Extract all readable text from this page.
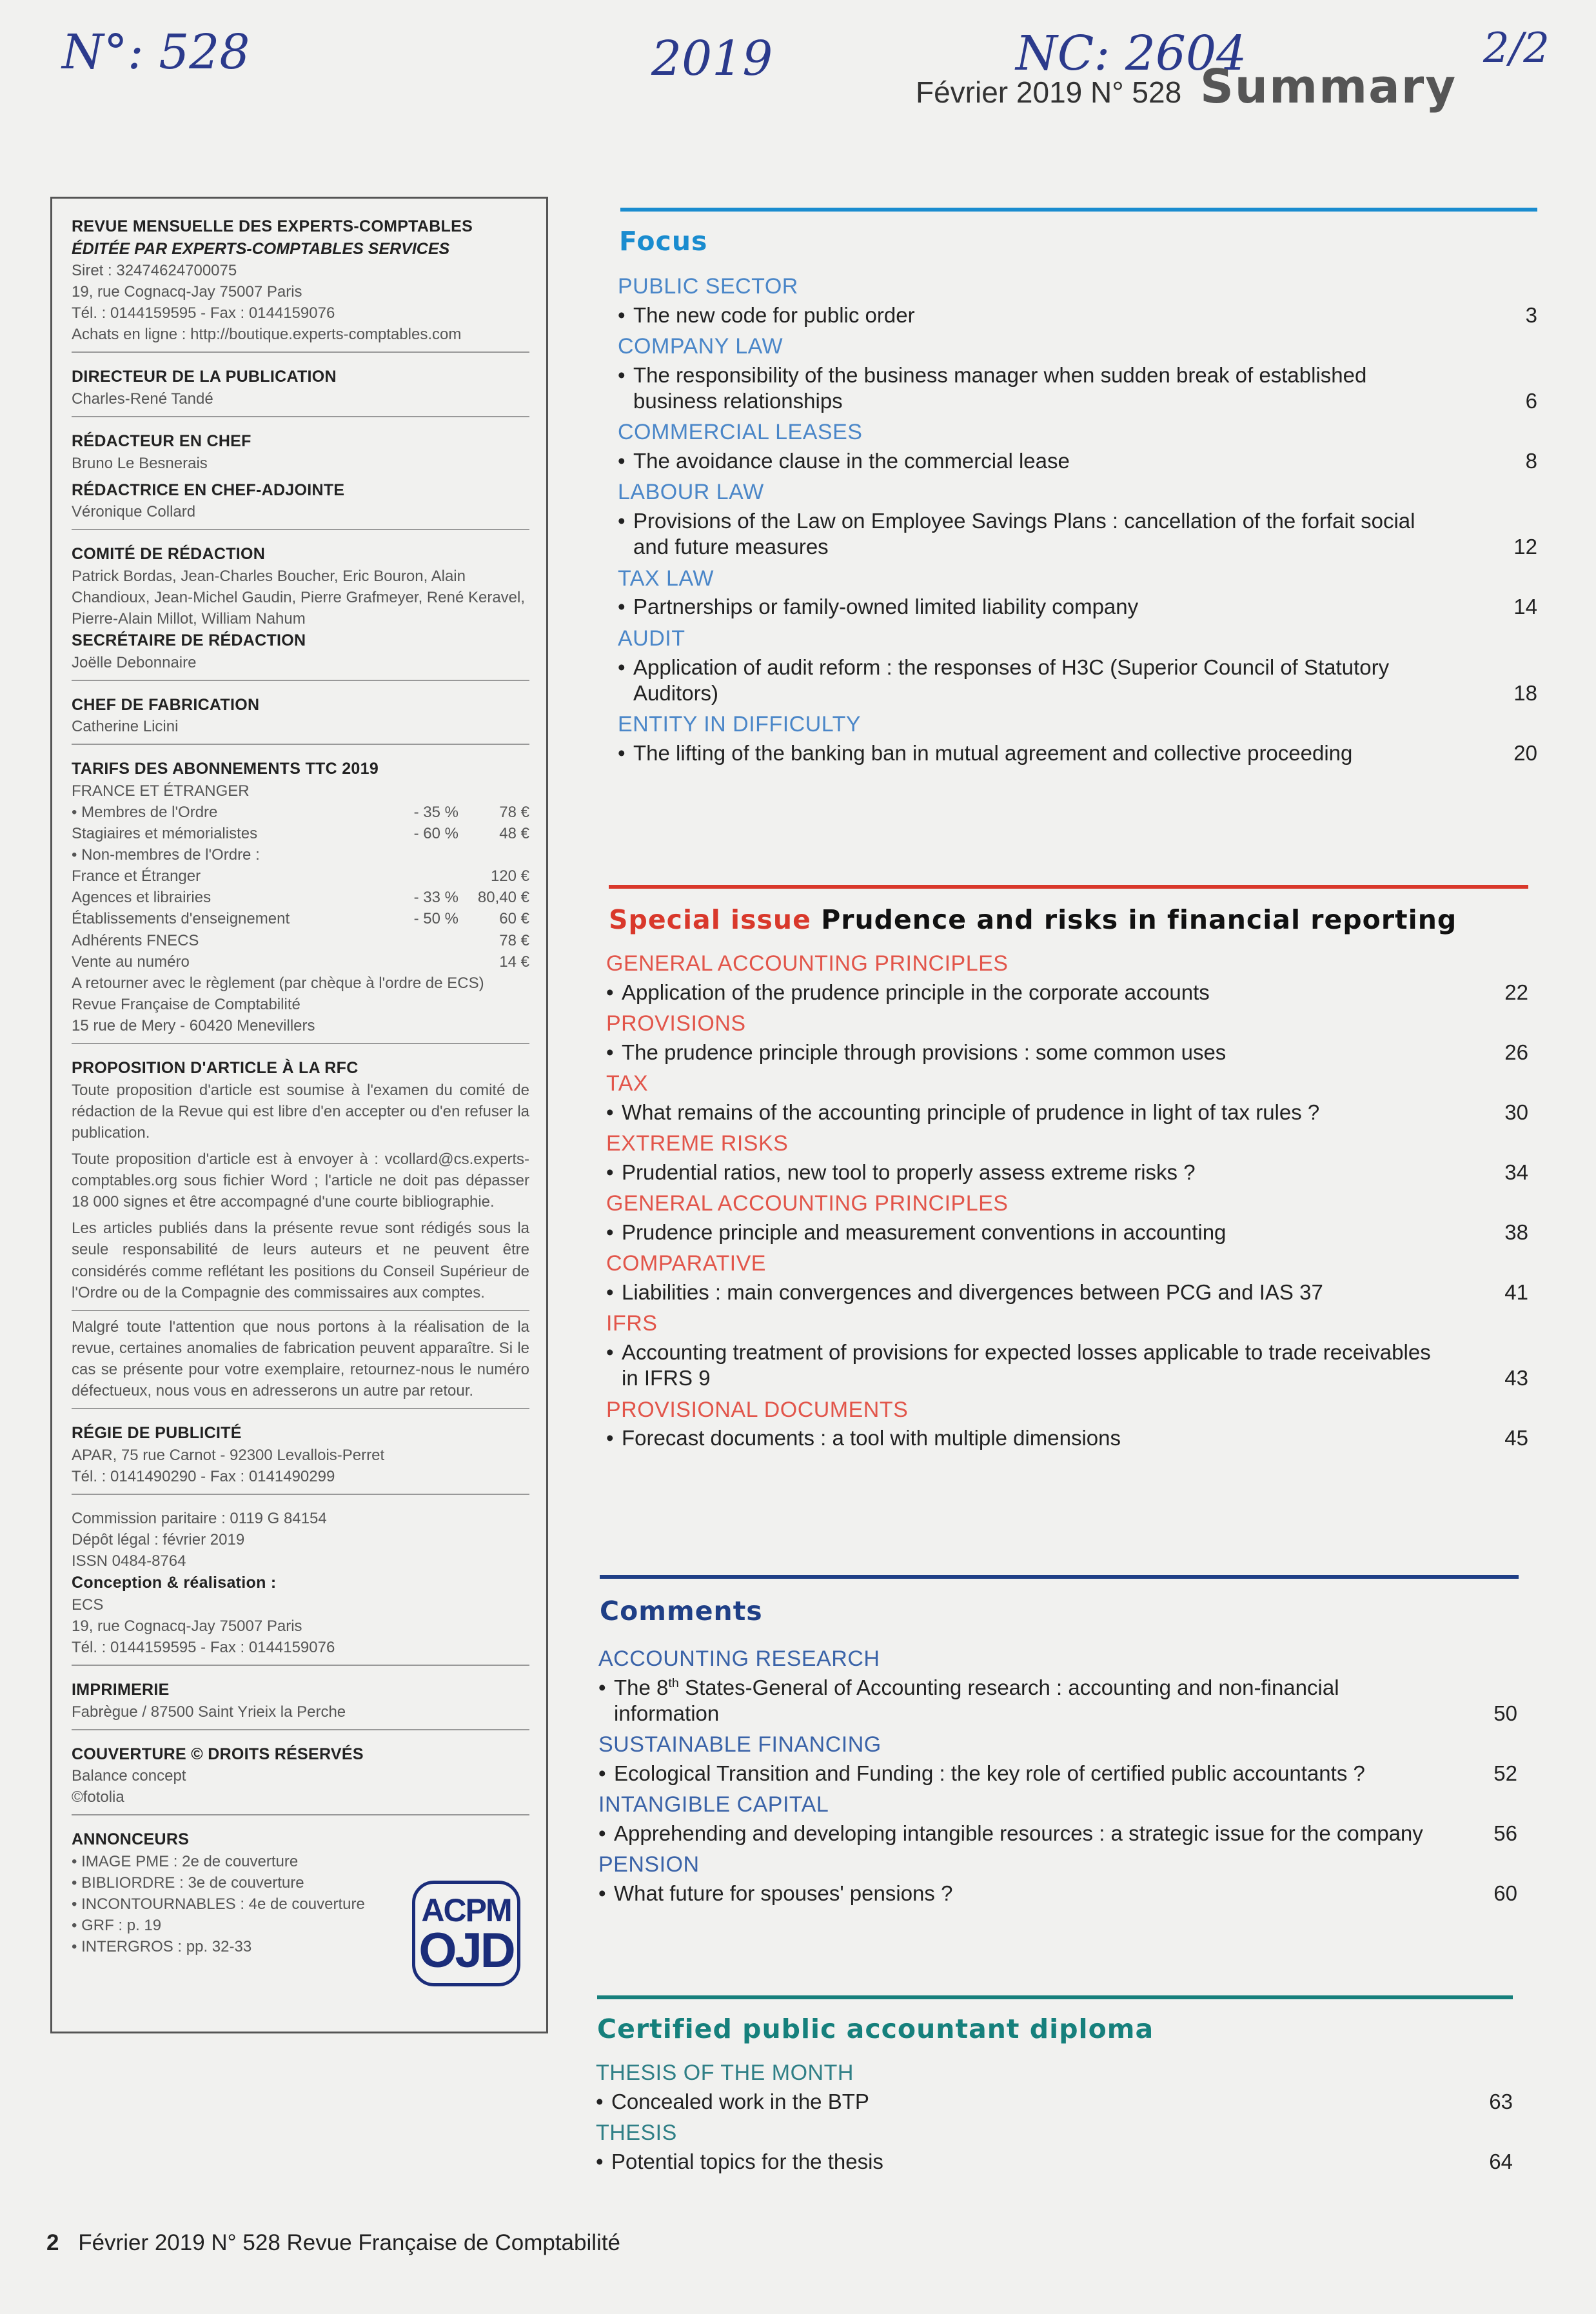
N°: 528	2019	NC: 2604	2/2
Février 2019 N° 528 Summary
REVUE MENSUELLE DES EXPERTS-COMPTABLES
ÉDITÉE PAR EXPERTS-COMPTABLES SERVICES
Siret : 32474624700075
19, rue Cognacq-Jay 75007 Paris
Tél. : 0144159595 - Fax : 0144159076
Achats en ligne : http://boutique.experts-comptables.com
DIRECTEUR DE LA PUBLICATION
Charles-René Tandé
RÉDACTEUR EN CHEF
Bruno Le Besnerais
RÉDACTRICE EN CHEF-ADJOINTE
Véronique Collard
COMITÉ DE RÉDACTION
Patrick Bordas, Jean-Charles Boucher, Eric Bouron, Alain Chandioux, Jean-Michel Gaudin, Pierre Grafmeyer, René Keravel, Pierre-Alain Millot, William Nahum
SECRÉTAIRE DE RÉDACTION
Joëlle Debonnaire
CHEF DE FABRICATION
Catherine Licini
TARIFS DES ABONNEMENTS TTC 2019
FRANCE ET ÉTRANGER
• Membres de l'Ordre	- 35 %	78 €
Stagiaires et mémorialistes	- 60 %	48 €
• Non-membres de l'Ordre :		
France et Étranger		120 €
Agences et librairies	- 33 %	80,40 €
Établissements d'enseignement	- 50 %	60 €
Adhérents FNECS		78 €
Vente au numéro		14 €
A retourner avec le règlement (par chèque à l'ordre de ECS)
Revue Française de Comptabilité
15 rue de Mery - 60420 Menevillers
PROPOSITION D'ARTICLE À LA RFC
Toute proposition d'article est soumise à l'examen du comité de rédaction de la Revue qui est libre d'en accepter ou d'en refuser la publication.
Toute proposition d'article est à envoyer à : vcollard@cs.experts-comptables.org sous fichier Word ; l'article ne doit pas dépasser 18 000 signes et être accompagné d'une courte bibliographie.
Les articles publiés dans la présente revue sont rédigés sous la seule responsabilité de leurs auteurs et ne peuvent être considérés comme reflétant les positions du Conseil Supérieur de l'Ordre ou de la Compagnie des commissaires aux comptes.
Malgré toute l'attention que nous portons à la réalisation de la revue, certaines anomalies de fabrication peuvent apparaître. Si le cas se présente pour votre exemplaire, retournez-nous le numéro défectueux, nous vous en adresserons un autre par retour.
RÉGIE DE PUBLICITÉ
APAR, 75 rue Carnot - 92300 Levallois-Perret
Tél. : 0141490290 - Fax : 0141490299
Commission paritaire : 0119 G 84154
Dépôt légal : février 2019
ISSN 0484-8764
Conception & réalisation :
ECS
19, rue Cognacq-Jay 75007 Paris
Tél. : 0144159595 - Fax : 0144159076
IMPRIMERIE
Fabrègue / 87500 Saint Yrieix la Perche
COUVERTURE © DROITS RÉSERVÉS
Balance concept
©fotolia
ANNONCEURS
• IMAGE PME : 2e de couverture
• BIBLIORDRE : 3e de couverture
• INCONTOURNABLES : 4e de couverture
• GRF : p. 19
• INTERGROS : pp. 32-33
ACPM
OJD
Focus
PUBLIC SECTOR
• The new code for public order	3
COMPANY LAW
• The responsibility of the business manager when sudden break of established business relationships	6
COMMERCIAL LEASES
• The avoidance clause in the commercial lease	8
LABOUR LAW
• Provisions of the Law on Employee Savings Plans : cancellation of the forfait social and future measures	12
TAX LAW
• Partnerships or family-owned limited liability company	14
AUDIT
• Application of audit reform : the responses of H3C (Superior Council of Statutory Auditors)	18
ENTITY IN DIFFICULTY
• The lifting of the banking ban in mutual agreement and collective proceeding	20
Special issue Prudence and risks in financial reporting
GENERAL ACCOUNTING PRINCIPLES
• Application of the prudence principle in the corporate accounts	22
PROVISIONS
• The prudence principle through provisions : some common uses	26
TAX
• What remains of the accounting principle of prudence in light of tax rules ?	30
EXTREME RISKS
• Prudential ratios, new tool to properly assess extreme risks ?	34
GENERAL ACCOUNTING PRINCIPLES
• Prudence principle and measurement conventions in accounting	38
COMPARATIVE
• Liabilities : main convergences and divergences between PCG and IAS 37	41
IFRS
• Accounting treatment of provisions for expected losses applicable to trade receivables in IFRS 9	43
PROVISIONAL DOCUMENTS
• Forecast documents : a tool with multiple dimensions	45
Comments
ACCOUNTING RESEARCH
• The 8th States-General of Accounting research : accounting and non-financial information	50
SUSTAINABLE FINANCING
• Ecological Transition and Funding : the key role of certified public accountants ?	52
INTANGIBLE CAPITAL
• Apprehending and developing intangible resources : a strategic issue for the company	56
PENSION
• What future for spouses' pensions ?	60
Certified public accountant diploma
THESIS OF THE MONTH
• Concealed work in the BTP	63
THESIS
• Potential topics for the thesis	64
2 Février 2019 N° 528 Revue Française de Comptabilité
